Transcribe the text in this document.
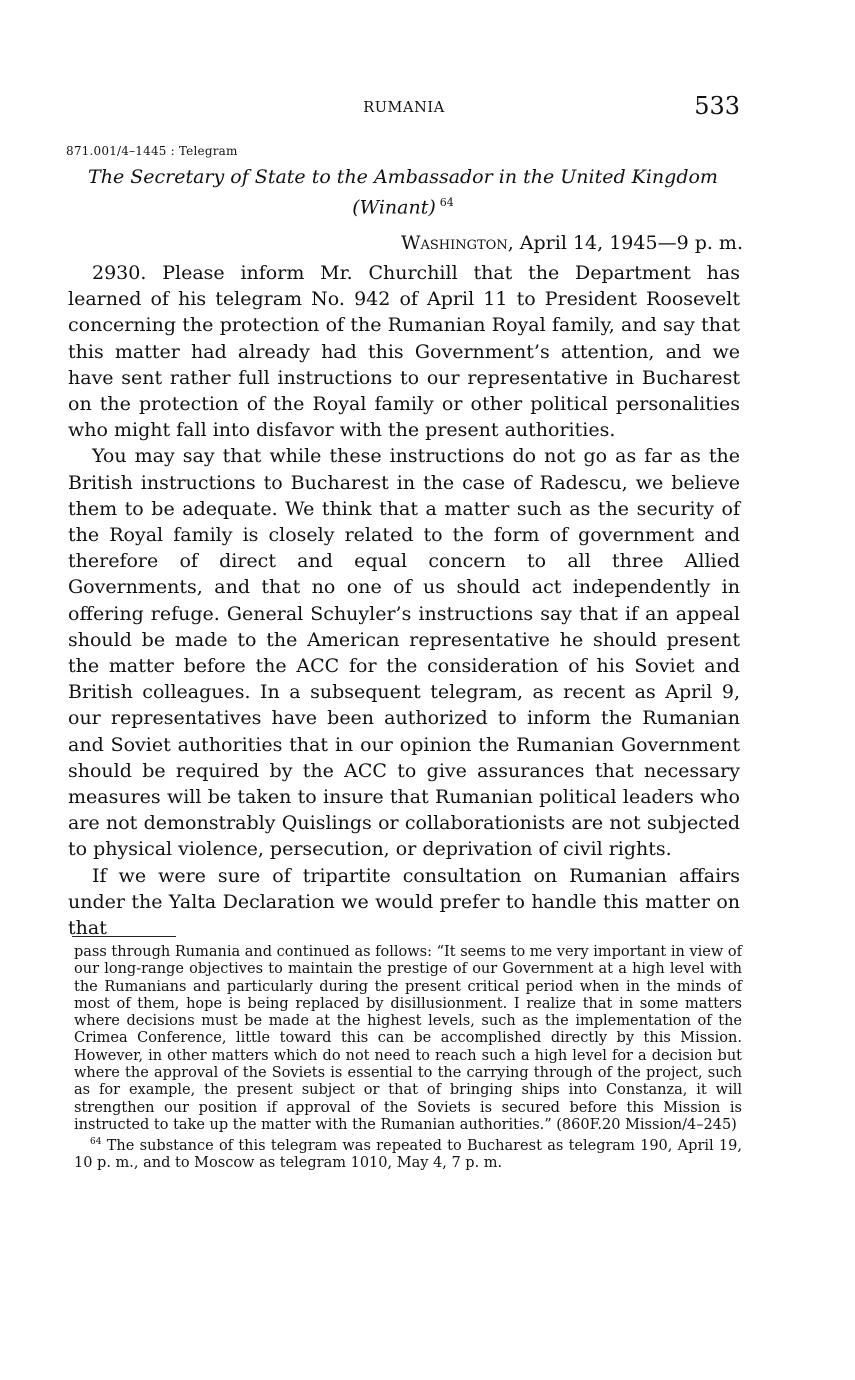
RUMANIA	533
871.001/4–1445 : Telegram
The Secretary of State to the Ambassador in the United Kingdom
(Winant) $^{64}$
Washington, April 14, 1945—9 p. m.

2930. Please inform Mr. Churchill that the Department has learned of his telegram No. 942 of April 11 to President Roosevelt concerning the protection of the Rumanian Royal family, and say that this matter had already had this Government’s attention, and we have sent rather full instructions to our representative in Bucharest on the protection of the Royal family or other political personalities who might fall into disfavor with the present authorities.

You may say that while these instructions do not go as far as the British instructions to Bucharest in the case of Radescu, we believe them to be adequate. We think that a matter such as the security of the Royal family is closely related to the form of government and therefore of direct and equal concern to all three Allied Governments, and that no one of us should act independently in offering refuge. General Schuyler’s instructions say that if an appeal should be made to the American representative he should present the matter before the ACC for the consideration of his Soviet and British colleagues. In a subsequent telegram, as recent as April 9, our representatives have been authorized to inform the Rumanian and Soviet authorities that in our opinion the Rumanian Government should be required by the ACC to give assurances that necessary measures will be taken to insure that Rumanian political leaders who are not demonstrably Quislings or collaborationists are not subjected to physical violence, persecution, or deprivation of civil rights.

If we were sure of tripartite consultation on Rumanian affairs under the Yalta Declaration we would prefer to handle this matter on that

pass through Rumania and continued as follows: “It seems to me very important in view of our long-range objectives to maintain the prestige of our Government at a high level with the Rumanians and particularly during the present critical period when in the minds of most of them, hope is being replaced by disillusionment. I realize that in some matters where decisions must be made at the highest levels, such as the implementation of the Crimea Conference, little toward this can be accomplished directly by this Mission. However, in other matters which do not need to reach such a high level for a decision but where the approval of the Soviets is essential to the carrying through of the project, such as for example, the present subject or that of bringing ships into Constanza, it will strengthen our position if approval of the Soviets is secured before this Mission is instructed to take up the matter with the Rumanian authorities.” (860F.20 Mission/4–245)

$^{64}$ The substance of this telegram was repeated to Bucharest as telegram 190, April 19, 10 p. m., and to Moscow as telegram 1010, May 4, 7 p. m.
